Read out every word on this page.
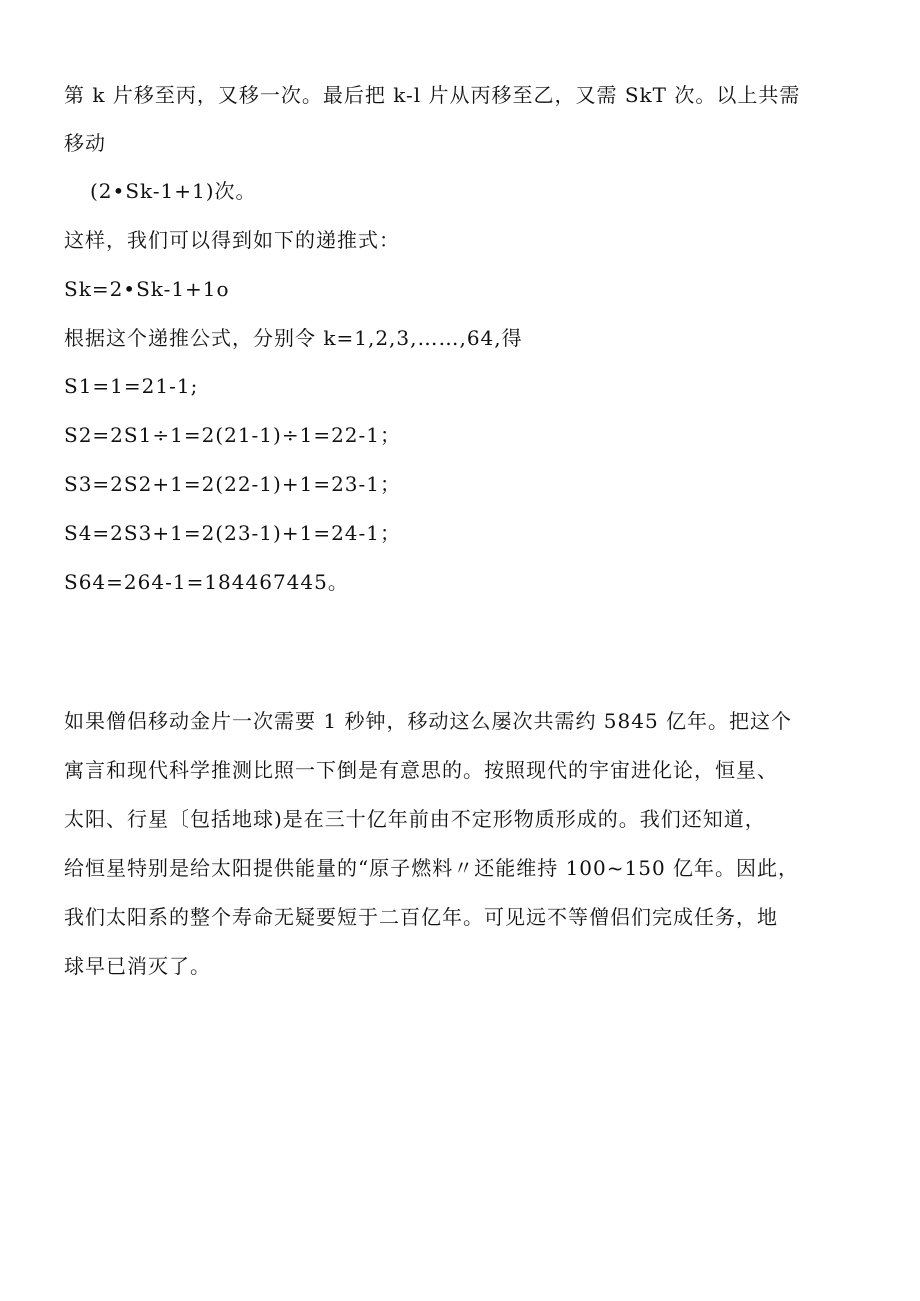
第 k 片移至丙，又移一次。最后把 k-l 片从丙移至乙，又需 SkT 次。以上共需
移动
(2•Sk-1+1)次。
这样，我们可以得到如下的递推式：
Sk=2•Sk-1+1o
根据这个递推公式，分别令 k=1,2,3,……,64,得
S1=1=21-1;
S2=2S1÷1=2(21-1)÷1=22-1；
S3=2S2+1=2(22-1)+1=23-1；
S4=2S3+1=2(23-1)+1=24-1；
S64=264-1=184467445。
如果僧侣移动金片一次需要 1 秒钟，移动这么屡次共需约 5845 亿年。把这个
寓言和现代科学推测比照一下倒是有意思的。按照现代的宇宙进化论，恒星、
太阳、行星〔包括地球)是在三十亿年前由不定形物质形成的。我们还知道，
给恒星特别是给太阳提供能量的“原子燃料〃还能维持 100~150 亿年。因此，
我们太阳系的整个寿命无疑要短于二百亿年。可见远不等僧侣们完成任务，地
球早已消灭了。
